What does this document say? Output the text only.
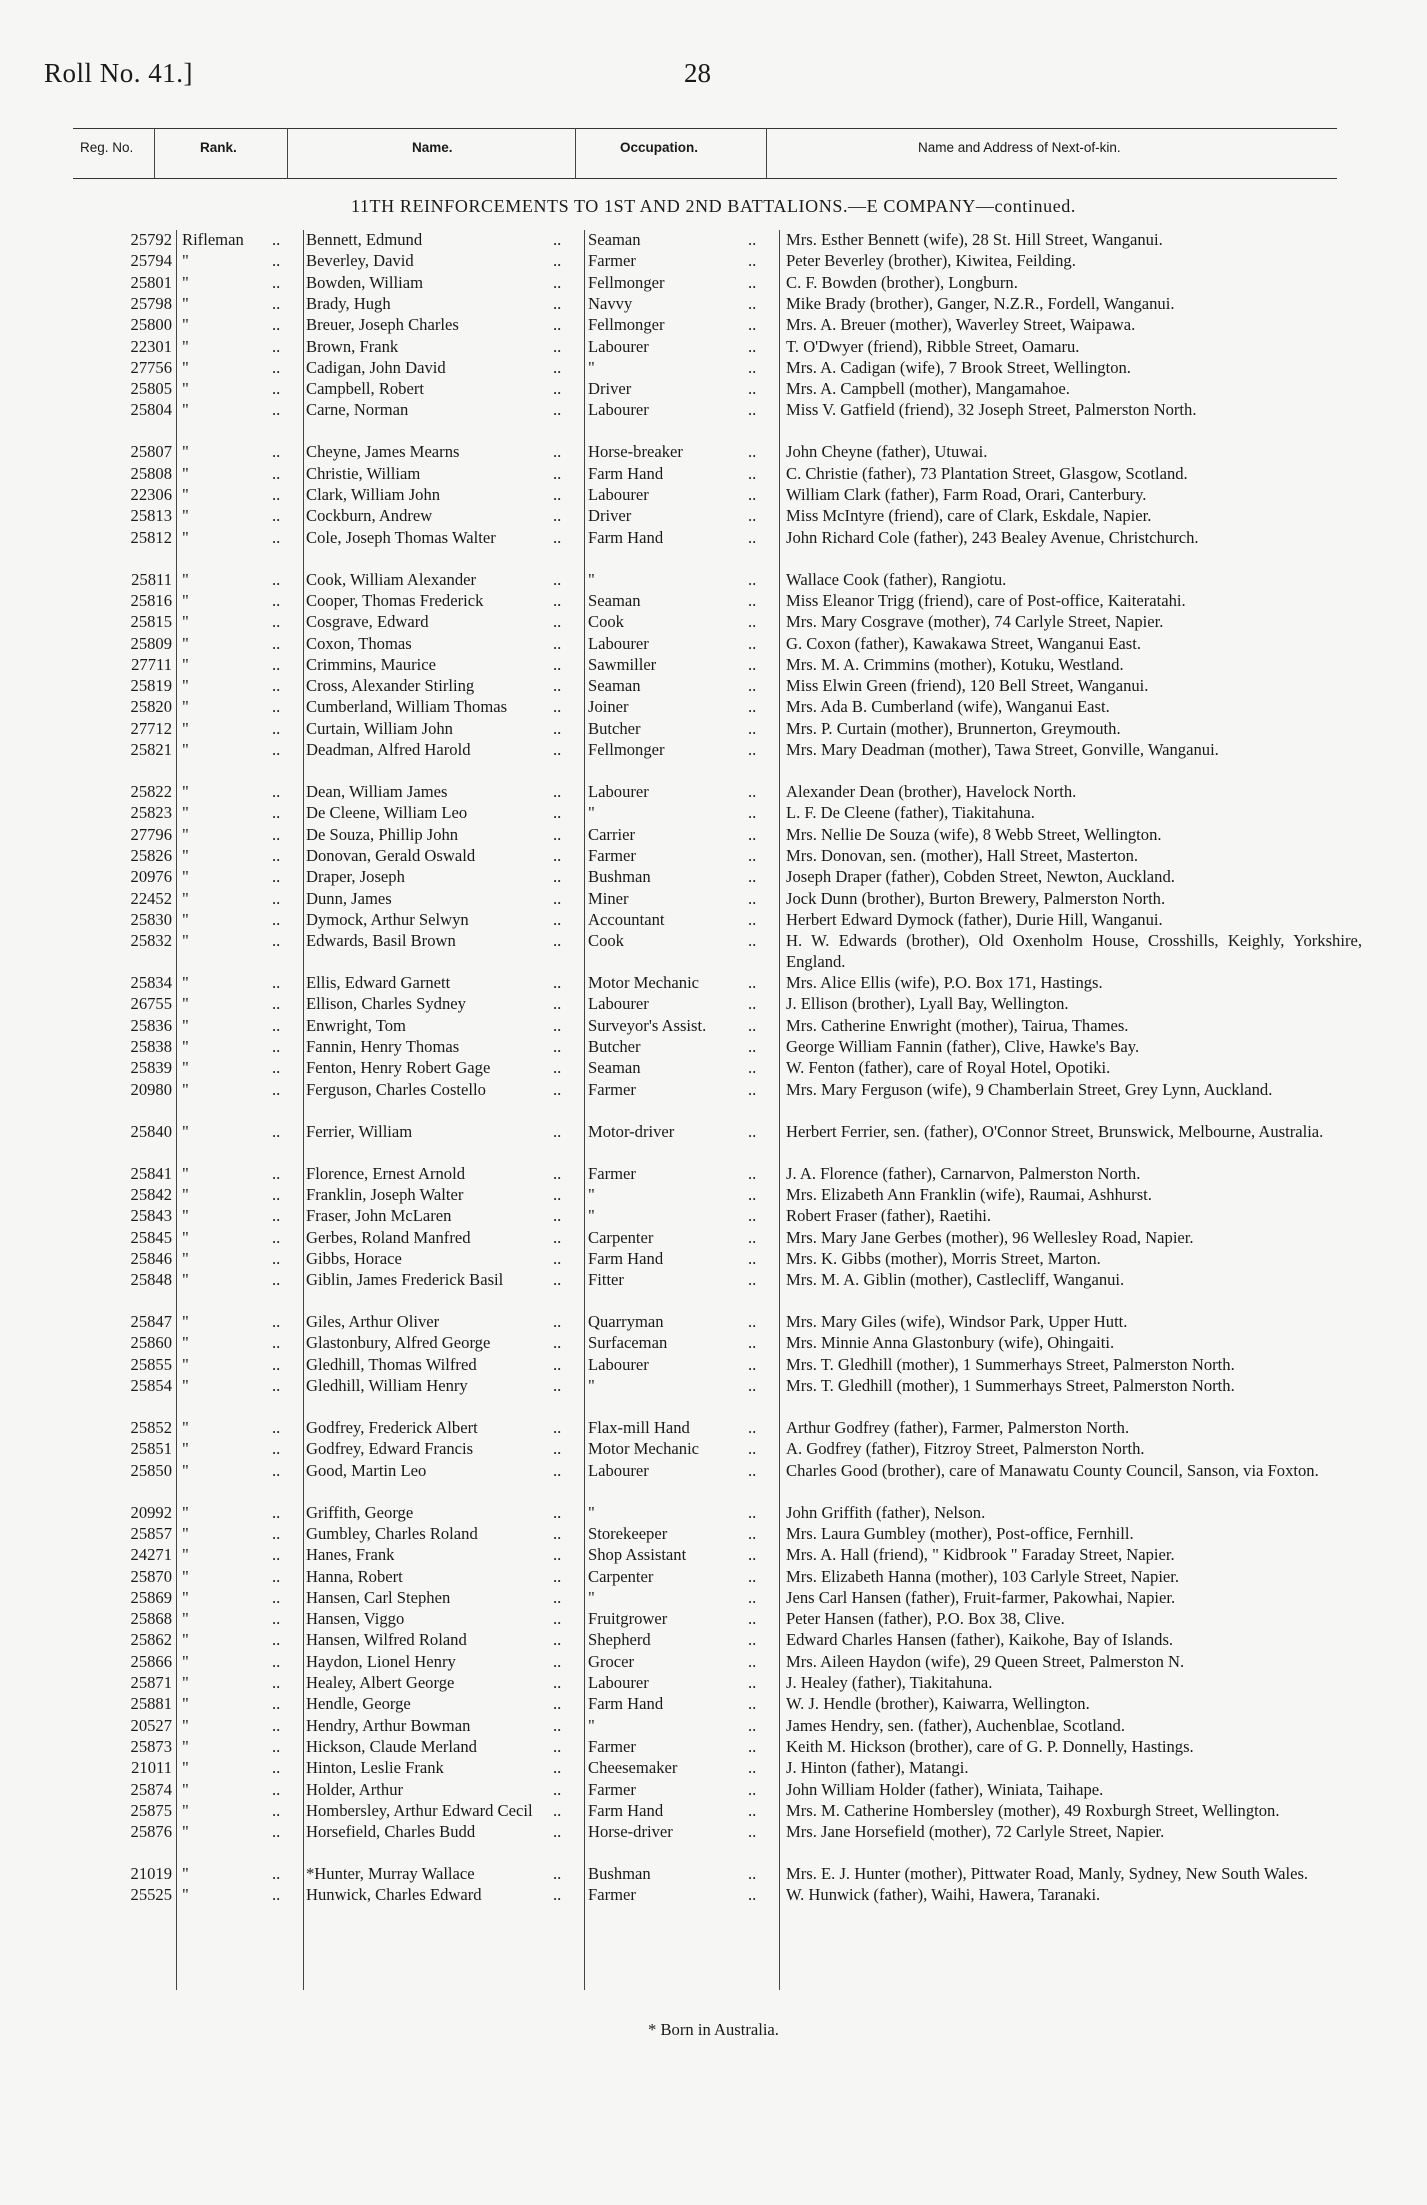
Roll No. 41.]	28
Reg. No.	Rank.	Name.	Occupation.	Name and Address of Next-of-kin.
11TH REINFORCEMENTS TO 1ST AND 2ND BATTALIONS.—E COMPANY—continued.
25792 Rifleman .. Bennett, Edmund	.. Seaman	.. Mrs. Esther Bennett (wife), 28 St. Hill Street, Wanganui.
25794 "	.. Beverley, David	.. Farmer	.. Peter Beverley (brother), Kiwitea, Feilding.
25801 "	.. Bowden, William	.. Fellmonger	.. C. F. Bowden (brother), Longburn.
25798 "	.. Brady, Hugh	.. Navvy	.. Mike Brady (brother), Ganger, N.Z.R., Fordell, Wanganui.
25800 "	.. Breuer, Joseph Charles	.. Fellmonger	.. Mrs. A. Breuer (mother), Waverley Street, Waipawa.
22301 "	.. Brown, Frank	.. Labourer	.. T. O'Dwyer (friend), Ribble Street, Oamaru.
27756 "	.. Cadigan, John David	.. "	.. Mrs. A. Cadigan (wife), 7 Brook Street, Wellington.
25805 "	.. Campbell, Robert	.. Driver	.. Mrs. A. Campbell (mother), Mangamahoe.
25804 "	.. Carne, Norman	.. Labourer	.. Miss V. Gatfield (friend), 32 Joseph Street, Palmerston North.
25807 "	.. Cheyne, James Mearns	.. Horse-breaker	.. John Cheyne (father), Utuwai.
25808 "	.. Christie, William	.. Farm Hand	.. C. Christie (father), 73 Plantation Street, Glasgow, Scotland.
22306 "	.. Clark, William John	.. Labourer	.. William Clark (father), Farm Road, Orari, Canterbury.
25813 "	.. Cockburn, Andrew	.. Driver	.. Miss McIntyre (friend), care of Clark, Eskdale, Napier.
25812 "	.. Cole, Joseph Thomas Walter	.. Farm Hand	.. John Richard Cole (father), 243 Bealey Avenue, Christchurch.
25811 "	.. Cook, William Alexander	.. "	.. Wallace Cook (father), Rangiotu.
25816 "	.. Cooper, Thomas Frederick	.. Seaman	.. Miss Eleanor Trigg (friend), care of Post-office, Kaiteratahi.
25815 "	.. Cosgrave, Edward	.. Cook	.. Mrs. Mary Cosgrave (mother), 74 Carlyle Street, Napier.
25809 "	.. Coxon, Thomas	.. Labourer	.. G. Coxon (father), Kawakawa Street, Wanganui East.
27711 "	.. Crimmins, Maurice	.. Sawmiller	.. Mrs. M. A. Crimmins (mother), Kotuku, Westland.
25819 "	.. Cross, Alexander Stirling	.. Seaman	.. Miss Elwin Green (friend), 120 Bell Street, Wanganui.
25820 "	.. Cumberland, William Thomas	.. Joiner	.. Mrs. Ada B. Cumberland (wife), Wanganui East.
27712 "	.. Curtain, William John	.. Butcher	.. Mrs. P. Curtain (mother), Brunnerton, Greymouth.
25821 "	.. Deadman, Alfred Harold	.. Fellmonger	.. Mrs. Mary Deadman (mother), Tawa Street, Gonville, Wanganui.
25822 "	.. Dean, William James	.. Labourer	.. Alexander Dean (brother), Havelock North.
25823 "	.. De Cleene, William Leo	.. "	.. L. F. De Cleene (father), Tiakitahuna.
27796 "	.. De Souza, Phillip John	.. Carrier	.. Mrs. Nellie De Souza (wife), 8 Webb Street, Wellington.
25826 "	.. Donovan, Gerald Oswald	.. Farmer	.. Mrs. Donovan, sen. (mother), Hall Street, Masterton.
20976 "	.. Draper, Joseph	.. Bushman	.. Joseph Draper (father), Cobden Street, Newton, Auckland.
22452 "	.. Dunn, James	.. Miner	.. Jock Dunn (brother), Burton Brewery, Palmerston North.
25830 "	.. Dymock, Arthur Selwyn	.. Accountant	.. Herbert Edward Dymock (father), Durie Hill, Wanganui.
25832 "	.. Edwards, Basil Brown	.. Cook	.. H. W. Edwards (brother), Old Oxenholm House, Crosshills, Keighly, Yorkshire, England.
25834 "	.. Ellis, Edward Garnett	.. Motor Mechanic	.. Mrs. Alice Ellis (wife), P.O. Box 171, Hastings.
26755 "	.. Ellison, Charles Sydney	.. Labourer	.. J. Ellison (brother), Lyall Bay, Wellington.
25836 "	.. Enwright, Tom	.. Surveyor's Assist.	.. Mrs. Catherine Enwright (mother), Tairua, Thames.
25838 "	.. Fannin, Henry Thomas	.. Butcher	.. George William Fannin (father), Clive, Hawke's Bay.
25839 "	.. Fenton, Henry Robert Gage	.. Seaman	.. W. Fenton (father), care of Royal Hotel, Opotiki.
20980 "	.. Ferguson, Charles Costello	.. Farmer	.. Mrs. Mary Ferguson (wife), 9 Chamberlain Street, Grey Lynn, Auckland.
25840 "	.. Ferrier, William	.. Motor-driver	.. Herbert Ferrier, sen. (father), O'Connor Street, Brunswick, Melbourne, Australia.
25841 "	.. Florence, Ernest Arnold	.. Farmer	.. J. A. Florence (father), Carnarvon, Palmerston North.
25842 "	.. Franklin, Joseph Walter	.. "	.. Mrs. Elizabeth Ann Franklin (wife), Raumai, Ashhurst.
25843 "	.. Fraser, John McLaren	.. "	.. Robert Fraser (father), Raetihi.
25845 "	.. Gerbes, Roland Manfred	.. Carpenter	.. Mrs. Mary Jane Gerbes (mother), 96 Wellesley Road, Napier.
25846 "	.. Gibbs, Horace	.. Farm Hand	.. Mrs. K. Gibbs (mother), Morris Street, Marton.
25848 "	.. Giblin, James Frederick Basil	.. Fitter	.. Mrs. M. A. Giblin (mother), Castlecliff, Wanganui.
25847 "	.. Giles, Arthur Oliver	.. Quarryman	.. Mrs. Mary Giles (wife), Windsor Park, Upper Hutt.
25860 "	.. Glastonbury, Alfred George	.. Surfaceman	.. Mrs. Minnie Anna Glastonbury (wife), Ohingaiti.
25855 "	.. Gledhill, Thomas Wilfred	.. Labourer	.. Mrs. T. Gledhill (mother), 1 Summerhays Street, Palmerston North.
25854 "	.. Gledhill, William Henry	.. "	.. Mrs. T. Gledhill (mother), 1 Summerhays Street, Palmerston North.
25852 "	.. Godfrey, Frederick Albert	.. Flax-mill Hand	.. Arthur Godfrey (father), Farmer, Palmerston North.
25851 "	.. Godfrey, Edward Francis	.. Motor Mechanic	.. A. Godfrey (father), Fitzroy Street, Palmerston North.
25850 "	.. Good, Martin Leo	.. Labourer	.. Charles Good (brother), care of Manawatu County Council, Sanson, via Foxton.
20992 "	.. Griffith, George	.. "	.. John Griffith (father), Nelson.
25857 "	.. Gumbley, Charles Roland	.. Storekeeper	.. Mrs. Laura Gumbley (mother), Post-office, Fernhill.
24271 "	.. Hanes, Frank	.. Shop Assistant	.. Mrs. A. Hall (friend), " Kidbrook " Faraday Street, Napier.
25870 "	.. Hanna, Robert	.. Carpenter	.. Mrs. Elizabeth Hanna (mother), 103 Carlyle Street, Napier.
25869 "	.. Hansen, Carl Stephen	.. "	.. Jens Carl Hansen (father), Fruit-farmer, Pakowhai, Napier.
25868 "	.. Hansen, Viggo	.. Fruitgrower	.. Peter Hansen (father), P.O. Box 38, Clive.
25862 "	.. Hansen, Wilfred Roland	.. Shepherd	.. Edward Charles Hansen (father), Kaikohe, Bay of Islands.
25866 "	.. Haydon, Lionel Henry	.. Grocer	.. Mrs. Aileen Haydon (wife), 29 Queen Street, Palmerston N.
25871 "	.. Healey, Albert George	.. Labourer	.. J. Healey (father), Tiakitahuna.
25881 "	.. Hendle, George	.. Farm Hand	.. W. J. Hendle (brother), Kaiwarra, Wellington.
20527 "	.. Hendry, Arthur Bowman	.. "	.. James Hendry, sen. (father), Auchenblae, Scotland.
25873 "	.. Hickson, Claude Merland	.. Farmer	.. Keith M. Hickson (brother), care of G. P. Donnelly, Hastings.
21011 "	.. Hinton, Leslie Frank	.. Cheesemaker	.. J. Hinton (father), Matangi.
25874 "	.. Holder, Arthur	.. Farmer	.. John William Holder (father), Winiata, Taihape.
25875 "	.. Hombersley, Arthur Edward Cecil .. Farm Hand	.. Mrs. M. Catherine Hombersley (mother), 49 Roxburgh Street, Wellington.
25876 "	.. Horsefield, Charles Budd	.. Horse-driver	.. Mrs. Jane Horsefield (mother), 72 Carlyle Street, Napier.
21019 "	.. *Hunter, Murray Wallace	.. Bushman	.. Mrs. E. J. Hunter (mother), Pittwater Road, Manly, Sydney, New South Wales.
25525 "	.. Hunwick, Charles Edward	.. Farmer	.. W. Hunwick (father), Waihi, Hawera, Taranaki.
* Born in Australia.
